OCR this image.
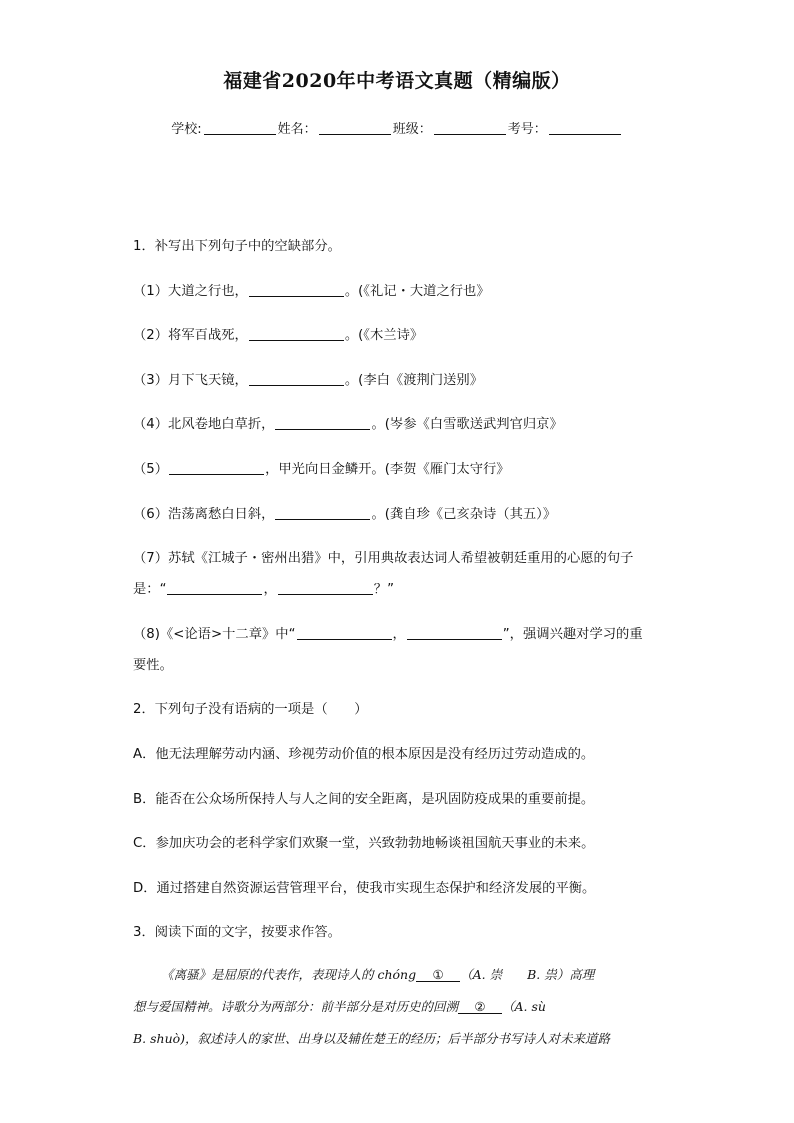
福建省2020年中考语文真题（精编版）
学校:	姓名：	班级：	考号：
1．补写出下列句子中的空缺部分。
（1）大道之行也，	。(《礼记・大道之行也》
（2）将军百战死，	。(《木兰诗》
（3）月下飞天镜，	。(李白《渡荆门送别》
（4）北风卷地白草折，	。(岑参《白雪歌送武判官归京》
（5）	，甲光向日金鳞开。(李贺《雁门太守行》
（6）浩荡离愁白日斜，	。(龚自珍《己亥杂诗（其五）》
（7）苏轼《江城子・密州出猎》中，引用典故表达词人希望被朝廷重用的心愿的句子
是：“	，	？”
（8)《<论语>十二章》中“	，	”，强调兴趣对学习的重
要性。
2．下列句子没有语病的一项是（　　）
A．他无法理解劳动内涵、珍视劳动价值的根本原因是没有经历过劳动造成的。
B．能否在公众场所保持人与人之间的安全距离，是巩固防疫成果的重要前提。
C．参加庆功会的老科学家们欢聚一堂，兴致勃勃地畅谈祖国航天事业的未来。
D．通过搭建自然资源运营管理平台，使我市实现生态保护和经济发展的平衡。
3．阅读下面的文字，按要求作答。
《离骚》是屈原的代表作，表现诗人的 chóng ① （A. 崇　　B. 祟）高理
想与爱国精神。诗歌分为两部分：前半部分是对历史的回溯 ② （A. sù
B. shuò)，叙述诗人的家世、出身以及辅佐楚王的经历；后半部分书写诗人对未来道路
